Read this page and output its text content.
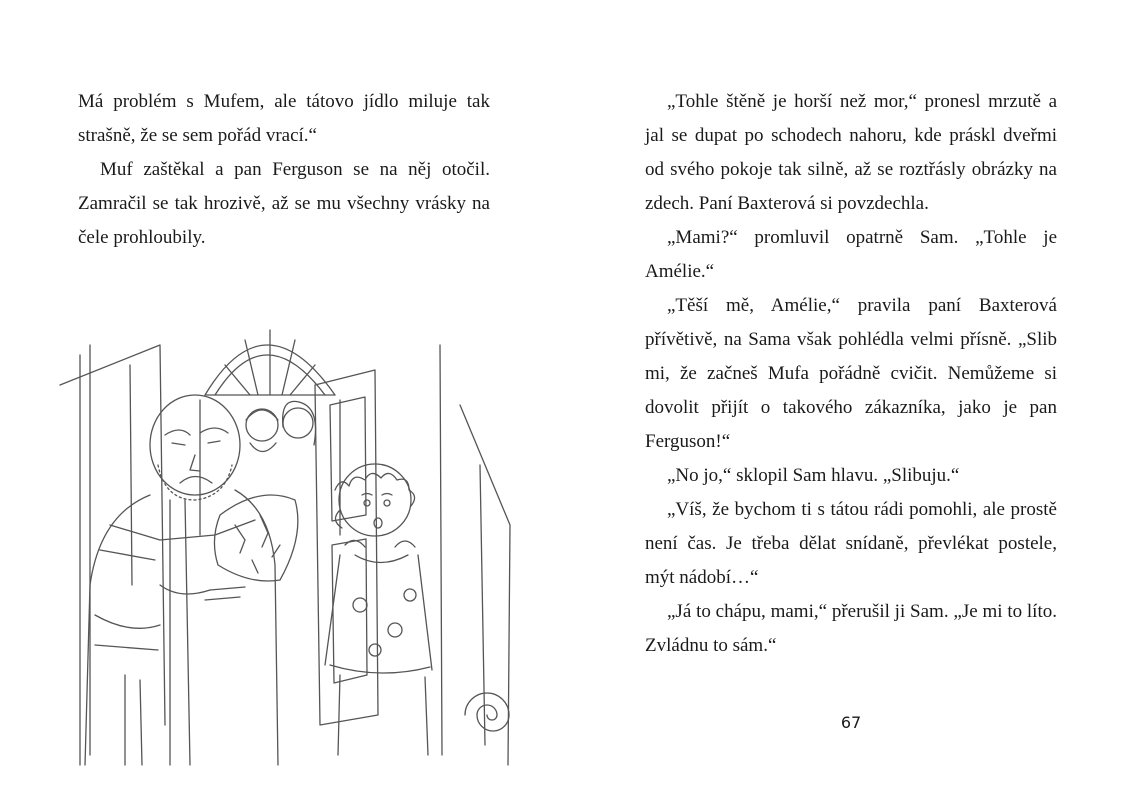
Má problém s Mufem, ale tátovo jídlo miluje tak strašně, že se sem pořád vrací.“

Muf zaštěkal a pan Ferguson se na něj otočil. Zamračil se tak hrozivě, až se mu všechny vrásky na čele prohloubily.

„Tohle štěně je horší než mor,“ pronesl mrzutě a jal se dupat po schodech nahoru, kde práskl dveřmi od svého pokoje tak silně, až se roztřásly obrázky na zdech. Paní Baxterová si povzdechla.

„Mami?“ promluvil opatrně Sam. „Tohle je Amélie.“

„Těší mě, Amélie,“ pravila paní Baxterová přívětivě, na Sama však pohlédla velmi přísně. „Slib mi, že začneš Mufa pořádně cvičit. Nemůžeme si dovolit přijít o takového zákazníka, jako je pan Ferguson!“

„No jo,“ sklopil Sam hlavu. „Slibuju.“

„Víš, že bychom ti s tátou rádi pomohli, ale prostě není čas. Je třeba dělat snídaně, převlékat postele, mýt nádobí…“

„Já to chápu, mami,“ přerušil ji Sam. „Je mi to líto. Zvládnu to sám.“

67
